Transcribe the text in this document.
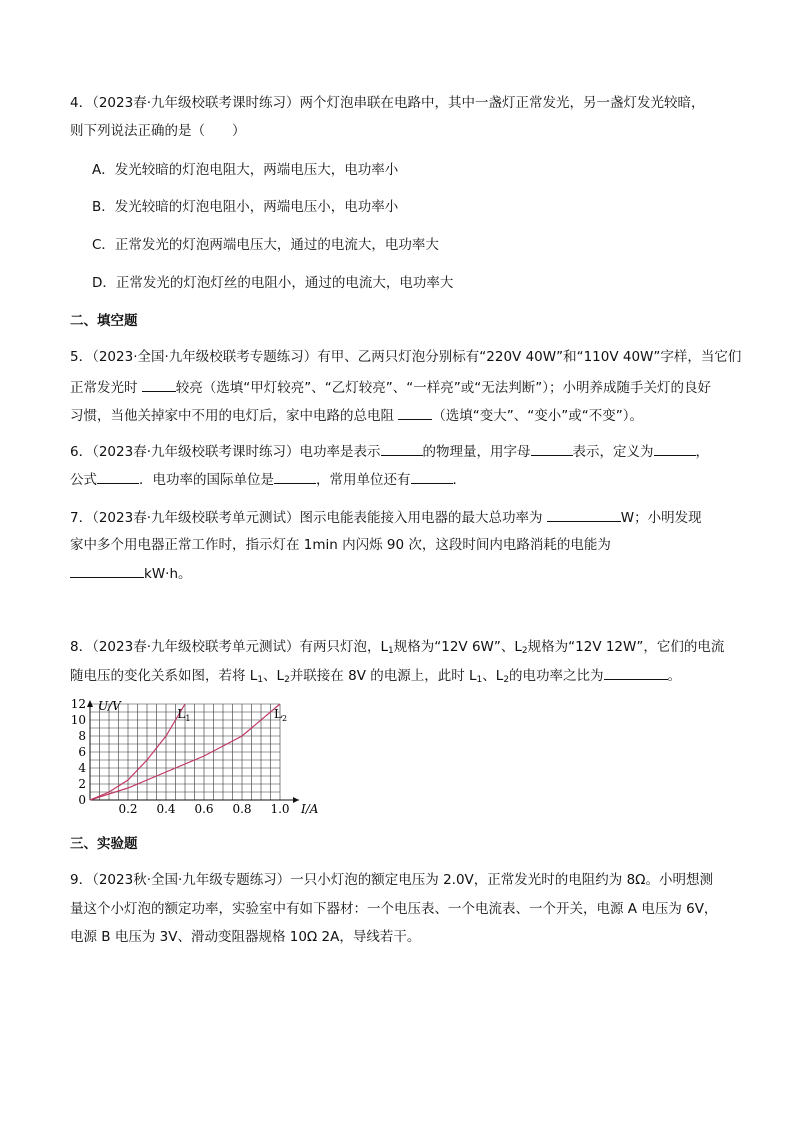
4．（2023春·九年级校联考课时练习）两个灯泡串联在电路中，其中一盏灯正常发光，另一盏灯发光较暗，
则下列说法正确的是（　　）
A．发光较暗的灯泡电阻大，两端电压大，电功率小
B．发光较暗的灯泡电阻小，两端电压小，电功率小
C．正常发光的灯泡两端电压大，通过的电流大，电功率大
D．正常发光的灯泡灯丝的电阻小，通过的电流大，电功率大
二、填空题
5．（2023·全国·九年级校联考专题练习）有甲、乙两只灯泡分别标有“220V 40W”和“110V 40W”字样，当它们
正常发光时	较亮（选填“甲灯较亮”、“乙灯较亮”、“一样亮”或“无法判断”）；小明养成随手关灯的良好
习惯，当他关掉家中不用的电灯后，家中电路的总电阻	（选填“变大”、“变小”或“不变”）。
6．（2023春·九年级校联考课时练习）电功率是表示	的物理量，用字母	表示，定义为	，
公式	．电功率的国际单位是	，常用单位还有	．
7．（2023春·九年级校联考单元测试）图示电能表能接入用电器的最大总功率为	W；小明发现
家中多个用电器正常工作时，指示灯在 1min 内闪烁 90 次，这段时间内电路消耗的电能为
kW·h。
8．（2023春·九年级校联考单元测试）有两只灯泡，$L_1$规格为“12V 6W”、$L_2$规格为“12V 12W”，它们的电流
随电压的变化关系如图，若将 $L_1$、$L_2$并联接在 8V 的电源上，此时 $L_1$、$L_2$的电功率之比为	。
0
2
4
6
8
10
12
0.2 0.4 0.6 0.8 1.0
U/V
I/A
$L_1$	$L_2$
三、实验题
9．（2023秋·全国·九年级专题练习）一只小灯泡的额定电压为 2.0V，正常发光时的电阻约为 8Ω。小明想测
量这个小灯泡的额定功率，实验室中有如下器材：一个电压表、一个电流表、一个开关，电源 A 电压为 6V，
电源 B 电压为 3V、滑动变阻器规格 10Ω 2A，导线若干。
